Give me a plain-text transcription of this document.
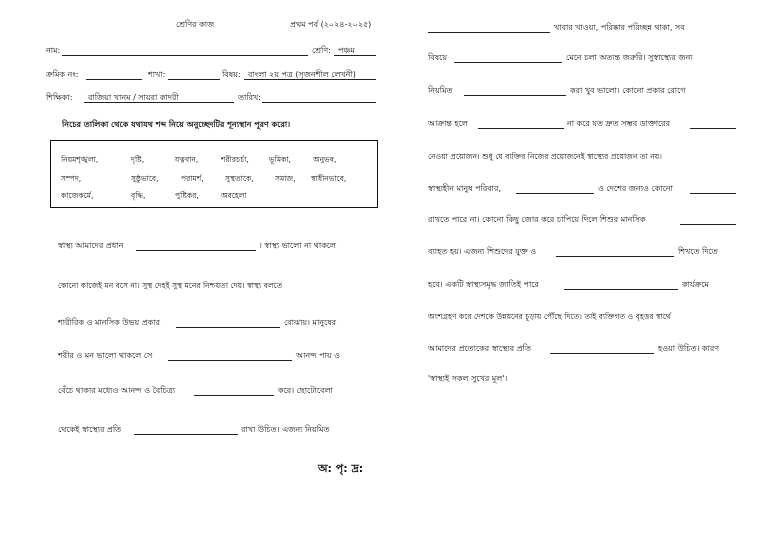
শ্রেণির কাজ	প্রথম পর্ব (২০২৪-২০২৫)
নাম:	শ্রেণি: পঞ্চম
ক্রমিক নং:	শাখা:	বিষয়: বাংলা ২য় পত্র (সৃজনশীল লেখনী)
শিক্ষিকা: রাজিয়া খানম / সায়রা কাদরী	তারিখ:
নিচের তালিকা থেকে যথাযথ শব্দ নিয়ে অনুচ্ছেদটির শূন্যস্থান পূরণ করো।
নিয়মশৃঙ্খলা,	দৃষ্টি,	যত্নবান,	শরীরচর্চা,	ভূমিকা,	অনুভব,
সম্পদ,	সুষ্ঠুভাবে,	পরামর্শ,	সুস্থতাকে,	সমাজ, স্বাধীনভাবে,
কাজেকর্মে,	বৃদ্ধি,	পুষ্টিকর,	অবহেলা
স্বাস্থ্য আমাদের প্রধান	। স্বাস্থ্য ভালো না থাকলে
কোনো কাজেই মন বসে না। সুস্থ দেহই সুস্থ মনের নিশ্চয়তা দেয়। স্বাস্থ্য বলতে
শারীরিক ও মানসিক উভয় প্রকার	বোঝায়। মানুষের
শরীর ও মন ভালো থাকলে সে	আনন্দ পায় ও
বেঁচে থাকার মধ্যেও আনন্দ ও বৈচিত্র্য	করে। ছোটোবেলা
থেকেই স্বাস্থ্যের প্রতি	রাখা উচিত। এজন্য নিয়মিত
খাবার খাওয়া, পরিষ্কার পরিচ্ছন্ন থাকা, সব
বিষয়ে	মেনে চলা অত্যন্ত জরুরি। সুস্বাস্থ্যের জন্য
নিয়মিত	করা খুব ভালো। কোনো প্রকার রোগে
আক্রান্ত হলে	না করে যত দ্রুত সম্ভব ডাক্তারের
নেওয়া প্রয়োজন। শুধু যে ব্যক্তির নিজের প্রয়োজনেই স্বাস্থ্যের প্রয়োজন তা নয়।
স্বাস্থ্যহীন মানুষ পরিবার,	ও দেশের জন্যও কোনো
রাখতে পারে না। কোনো কিছু জোর করে চাপিয়ে দিলে শিশুর মানসিক
ব্যাহত হয়। এজন্য শিশুদের যুক্ত ও	শিখতে দিতে
হবে। একটি স্বাস্থ্যসমৃদ্ধ জাতিই পারে	কার্যক্রমে
অংশগ্রহণ করে দেশকে উন্নয়নের চূড়ায় পৌঁছে দিতে। তাই ব্যক্তিগত ও বৃহত্তর স্বার্থে
আমাদের প্রত্যেকের স্বাস্থ্যের প্রতি	হওয়া উচিত। কারণ
'স্বাস্থ্যই সকল সুখের মূল'।
অ: পৃ: দ্র:
